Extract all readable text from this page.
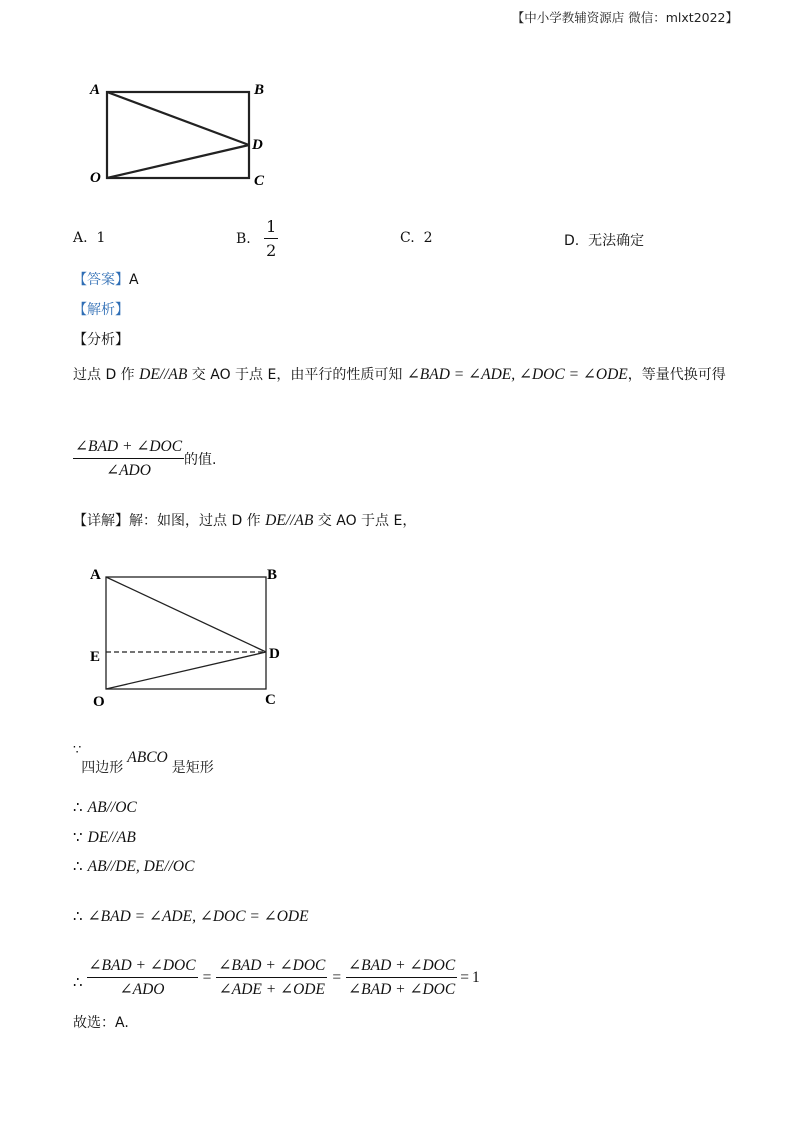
【中小学教辅资源店 微信：mlxt2022】
A	B
D
O	C
A. 1	B.
$\frac{1}{2}$	C. 2	D. 无法确定
【答案】A
【解析】
【分析】
过点 D 作 DE//AB 交 AO 于点 E，由平行的性质可知 ∠BAD = ∠ADE, ∠DOC = ∠ODE，等量代换可得
$\frac{\text{∠BAD + ∠DOC}}{\text{∠ADO}}$ 的值.
【详解】解：如图，过点 D 作 DE//AB 交 AO 于点 E，
A	B
E	D
O	C
∵四边形ABCO是矩形
∴ AB//OC
∵ DE//AB
∴ AB//DE, DE//OC
∴ ∠BAD = ∠ADE, ∠DOC = ∠ODE
∴ $\frac{\text{∠BAD + ∠DOC}}{\text{∠ADO}} = \frac{\text{∠BAD + ∠DOC}}{\text{∠ADE + ∠ODE}} = \frac{\text{∠BAD + ∠DOC}}{\text{∠BAD + ∠DOC}} = 1$
故选：A.
